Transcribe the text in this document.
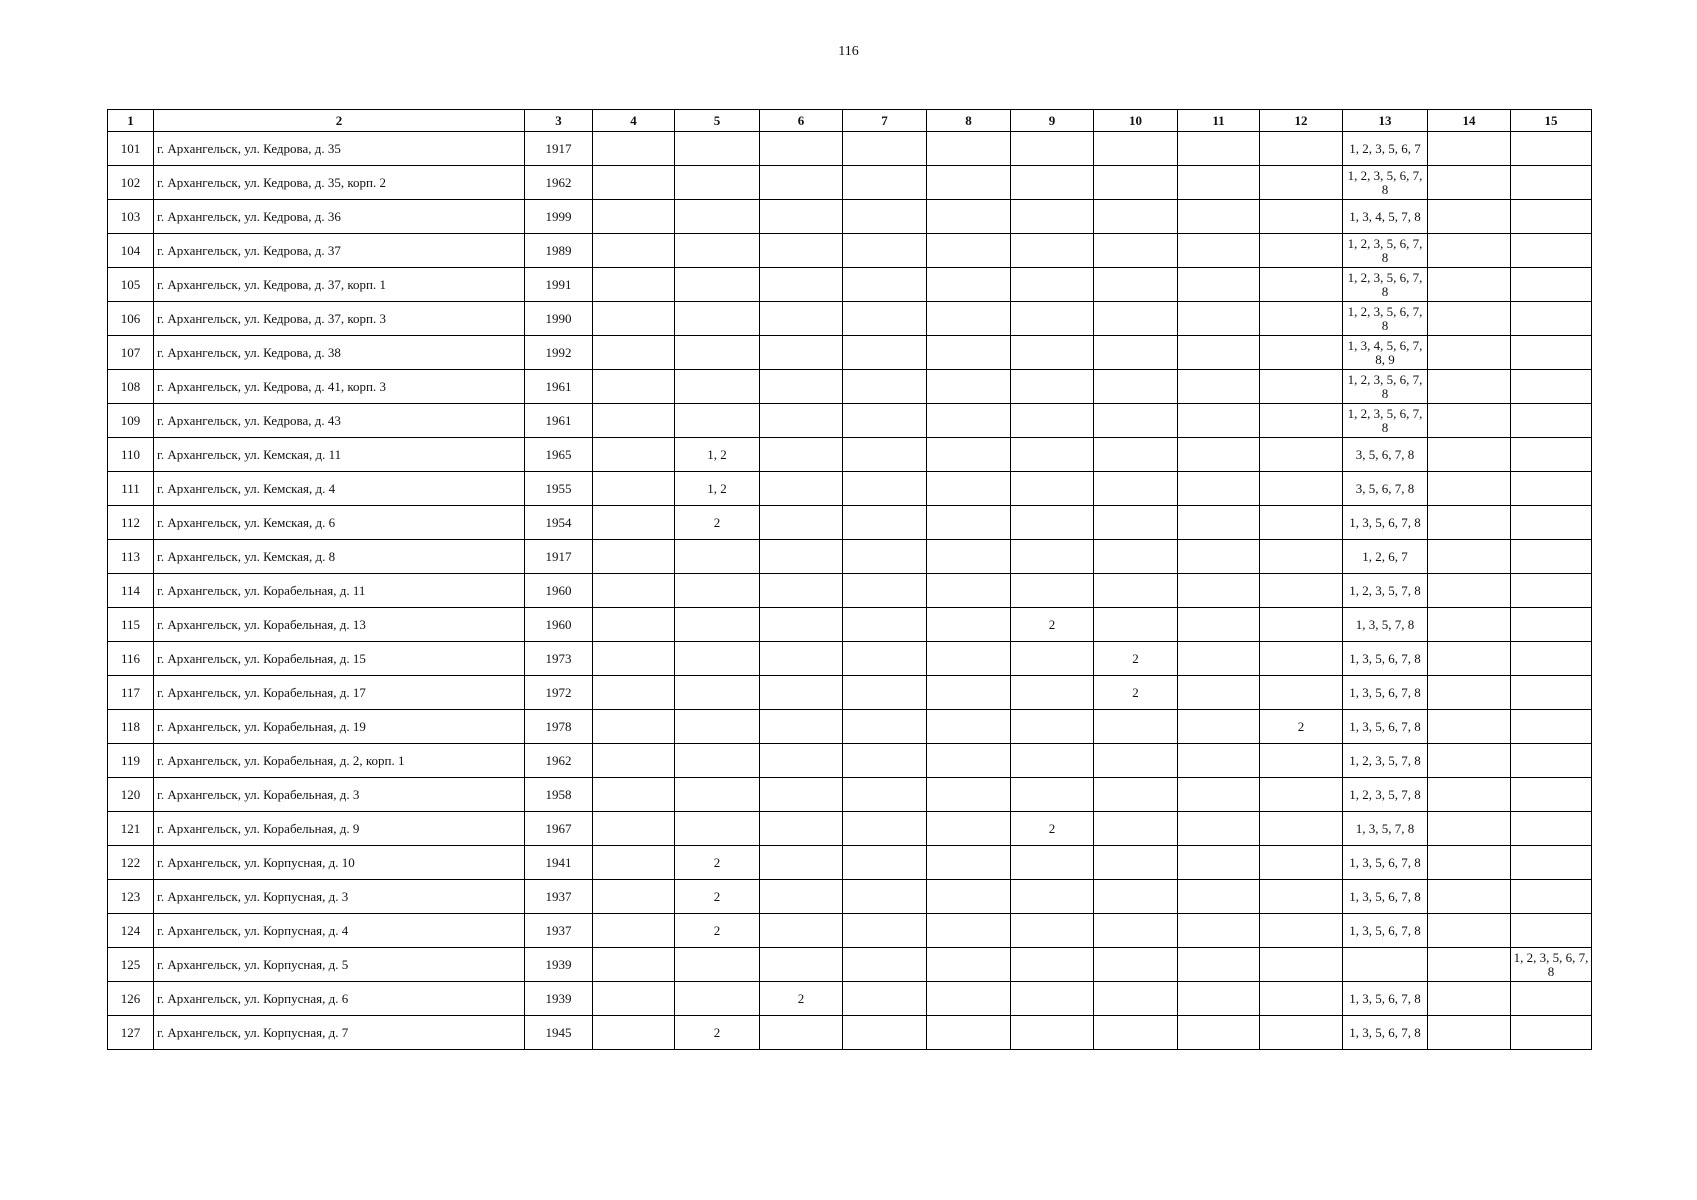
116
1	2	3	4	5	6	7	8	9	10	11	12	13	14	15
101	г. Архангельск, ул. Кедрова, д. 35	1917										1, 2, 3, 5, 6, 7		
102	г. Архангельск, ул. Кедрова, д. 35, корп. 2	1962										1, 2, 3, 5, 6, 7, 8		
103	г. Архангельск, ул. Кедрова, д. 36	1999										1, 3, 4, 5, 7, 8		
104	г. Архангельск, ул. Кедрова, д. 37	1989										1, 2, 3, 5, 6, 7, 8		
105	г. Архангельск, ул. Кедрова, д. 37, корп. 1	1991										1, 2, 3, 5, 6, 7, 8		
106	г. Архангельск, ул. Кедрова, д. 37, корп. 3	1990										1, 2, 3, 5, 6, 7, 8		
107	г. Архангельск, ул. Кедрова, д. 38	1992										1, 3, 4, 5, 6, 7, 8, 9		
108	г. Архангельск, ул. Кедрова, д. 41, корп. 3	1961										1, 2, 3, 5, 6, 7, 8		
109	г. Архангельск, ул. Кедрова, д. 43	1961										1, 2, 3, 5, 6, 7, 8		
110	г. Архангельск, ул. Кемская, д. 11	1965		1, 2								3, 5, 6, 7, 8		
111	г. Архангельск, ул. Кемская, д. 4	1955		1, 2								3, 5, 6, 7, 8		
112	г. Архангельск, ул. Кемская, д. 6	1954		2								1, 3, 5, 6, 7, 8		
113	г. Архангельск, ул. Кемская, д. 8	1917										1, 2, 6, 7		
114	г. Архангельск, ул. Корабельная, д. 11	1960										1, 2, 3, 5, 7, 8		
115	г. Архангельск, ул. Корабельная, д. 13	1960						2				1, 3, 5, 7, 8		
116	г. Архангельск, ул. Корабельная, д. 15	1973							2			1, 3, 5, 6, 7, 8		
117	г. Архангельск, ул. Корабельная, д. 17	1972							2			1, 3, 5, 6, 7, 8		
118	г. Архангельск, ул. Корабельная, д. 19	1978									2	1, 3, 5, 6, 7, 8		
119	г. Архангельск, ул. Корабельная, д. 2, корп. 1	1962										1, 2, 3, 5, 7, 8		
120	г. Архангельск, ул. Корабельная, д. 3	1958										1, 2, 3, 5, 7, 8		
121	г. Архангельск, ул. Корабельная, д. 9	1967						2				1, 3, 5, 7, 8		
122	г. Архангельск, ул. Корпусная, д. 10	1941		2								1, 3, 5, 6, 7, 8		
123	г. Архангельск, ул. Корпусная, д. 3	1937		2								1, 3, 5, 6, 7, 8		
124	г. Архангельск, ул. Корпусная, д. 4	1937		2								1, 3, 5, 6, 7, 8		
125	г. Архангельск, ул. Корпусная, д. 5	1939												1, 2, 3, 5, 6, 7, 8
126	г. Архангельск, ул. Корпусная, д. 6	1939			2							1, 3, 5, 6, 7, 8		
127	г. Архангельск, ул. Корпусная, д. 7	1945		2								1, 3, 5, 6, 7, 8		
